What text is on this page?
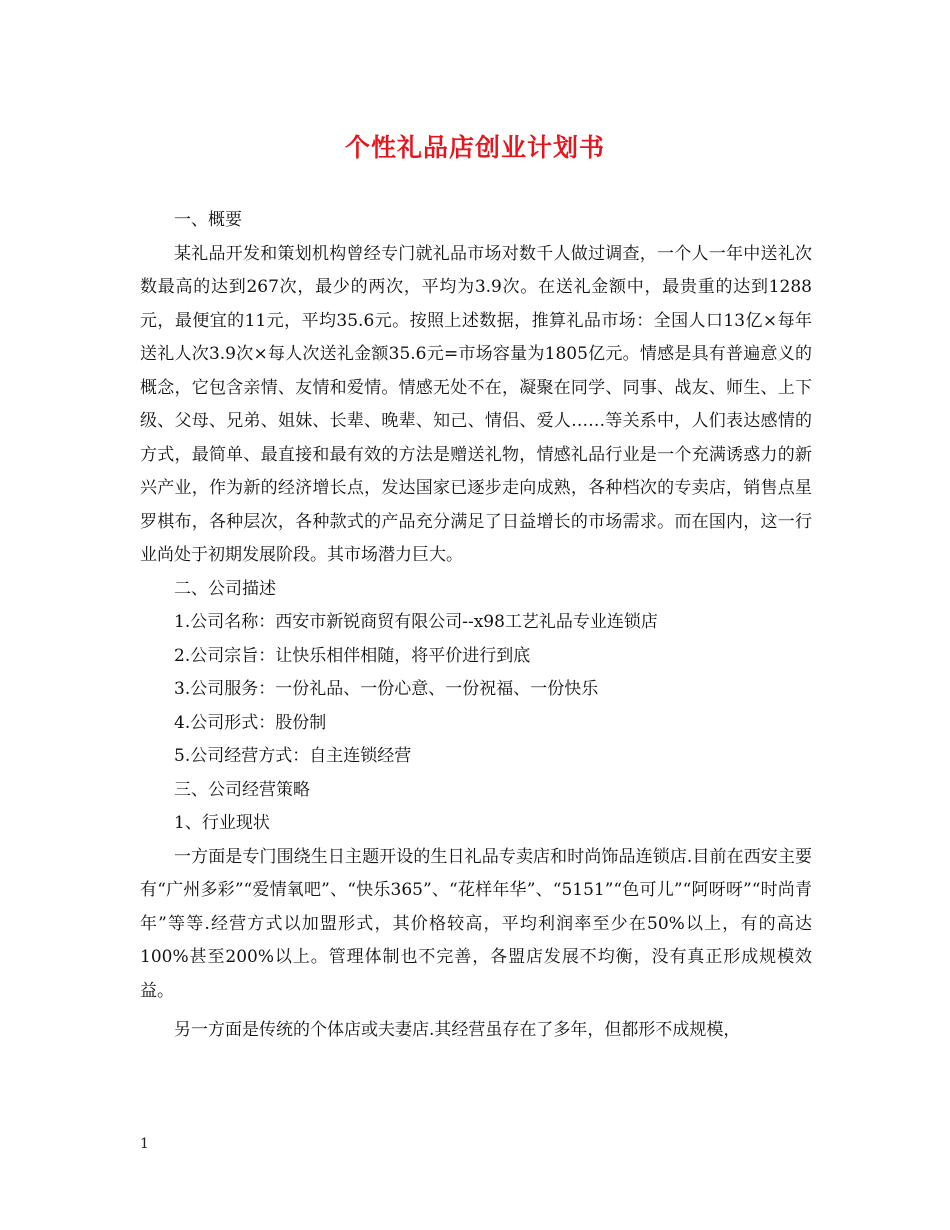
个性礼品店创业计划书

一、概要

某礼品开发和策划机构曾经专门就礼品市场对数千人做过调查，一个人一年中送礼次数最高的达到267次，最少的两次，平均为3.9次。在送礼金额中，最贵重的达到1288元，最便宜的11元，平均35.6元。按照上述数据，推算礼品市场：全国人口13亿×每年送礼人次3.9次×每人次送礼金额35.6元=市场容量为1805亿元。情感是具有普遍意义的概念，它包含亲情、友情和爱情。情感无处不在，凝聚在同学、同事、战友、师生、上下级、父母、兄弟、姐妹、长辈、晚辈、知己、情侣、爱人……等关系中，人们表达感情的方式，最简单、最直接和最有效的方法是赠送礼物，情感礼品行业是一个充满诱惑力的新兴产业，作为新的经济增长点，发达国家已逐步走向成熟，各种档次的专卖店，销售点星罗棋布，各种层次，各种款式的产品充分满足了日益增长的市场需求。而在国内，这一行业尚处于初期发展阶段。其市场潜力巨大。

二、公司描述

1.公司名称：西安市新锐商贸有限公司--x98工艺礼品专业连锁店

2.公司宗旨：让快乐相伴相随，将平价进行到底

3.公司服务：一份礼品、一份心意、一份祝福、一份快乐

4.公司形式：股份制

5.公司经营方式：自主连锁经营

三、公司经营策略

1、行业现状

一方面是专门围绕生日主题开设的生日礼品专卖店和时尚饰品连锁店.目前在西安主要有“广州多彩”“爱情氧吧”、“快乐365”、“花样年华”、“5151”“色可儿”“阿呀呀”“时尚青年”等等.经营方式以加盟形式，其价格较高，平均利润率至少在50%以上，有的高达100%甚至200%以上。管理体制也不完善，各盟店发展不均衡，没有真正形成规模效益。

另一方面是传统的个体店或夫妻店.其经营虽存在了多年，但都形不成规模，

1
